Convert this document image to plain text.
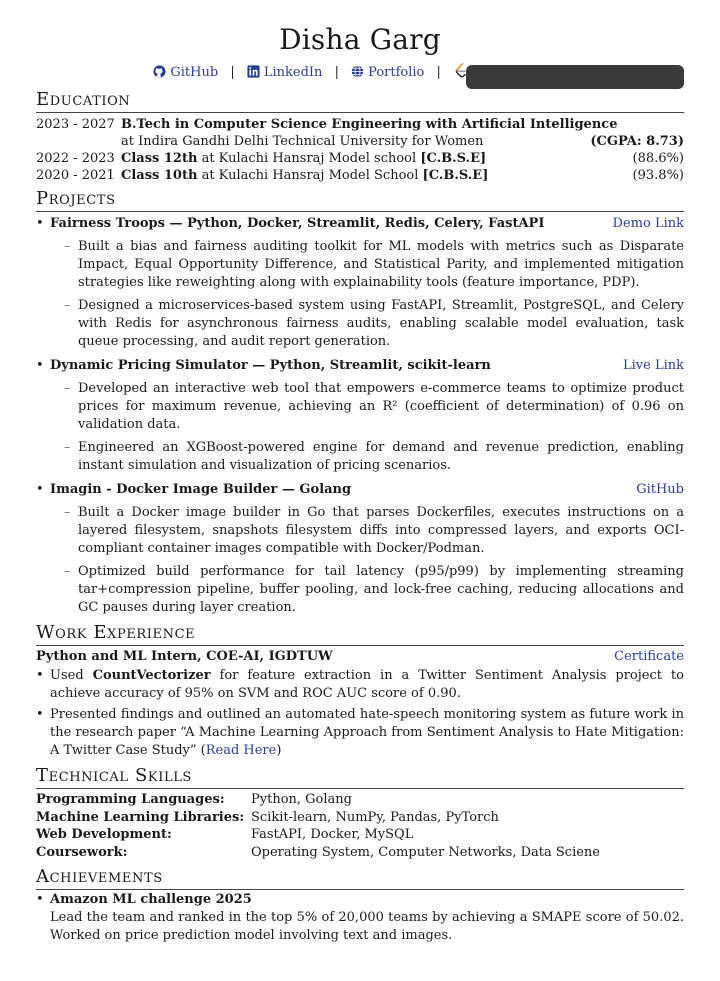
Disha Garg
GitHub | LinkedIn | Portfolio |
Education
2023 - 2027 B.Tech in Computer Science Engineering with Artificial Intelligence
at Indira Gandhi Delhi Technical University for Women	(CGPA: 8.73)
2022 - 2023 Class 12th at Kulachi Hansraj Model school [C.B.S.E]	(88.6%)
2020 - 2021 Class 10th at Kulachi Hansraj Model School [C.B.S.E]	(93.8%)
Projects
• Fairness Troops — Python, Docker, Streamlit, Redis, Celery, FastAPI	Demo Link
– Built a bias and fairness auditing toolkit for ML models with metrics such as Disparate Impact, Equal Opportunity Difference, and Statistical Parity, and implemented mitigation strategies like reweighting along with explainability tools (feature importance, PDP).
– Designed a microservices-based system using FastAPI, Streamlit, PostgreSQL, and Celery with Redis for asynchronous fairness audits, enabling scalable model evaluation, task queue processing, and audit report generation.
• Dynamic Pricing Simulator — Python, Streamlit, scikit-learn	Live Link
– Developed an interactive web tool that empowers e-commerce teams to optimize product prices for maximum revenue, achieving an R² (coefficient of determination) of 0.96 on validation data.
– Engineered an XGBoost-powered engine for demand and revenue prediction, enabling instant simulation and visualization of pricing scenarios.
• Imagin - Docker Image Builder — Golang	GitHub
– Built a Docker image builder in Go that parses Dockerfiles, executes instructions on a layered filesystem, snapshots filesystem diffs into compressed layers, and exports OCI-compliant container images compatible with Docker/Podman.
– Optimized build performance for tail latency (p95/p99) by implementing streaming tar+compression pipeline, buffer pooling, and lock-free caching, reducing allocations and GC pauses during layer creation.
Work Experience
Python and ML Intern, COE-AI, IGDTUW	Certificate
• Used CountVectorizer for feature extraction in a Twitter Sentiment Analysis project to achieve accuracy of 95% on SVM and ROC AUC score of 0.90.
• Presented findings and outlined an automated hate-speech monitoring system as future work in the research paper “A Machine Learning Approach from Sentiment Analysis to Hate Mitigation: A Twitter Case Study” (Read Here)
Technical Skills
Programming Languages:	Python, Golang
Machine Learning Libraries: Scikit-learn, NumPy, Pandas, PyTorch
Web Development:	FastAPI, Docker, MySQL
Coursework:	Operating System, Computer Networks, Data Sciene
Achievements
• Amazon ML challenge 2025
Lead the team and ranked in the top 5% of 20,000 teams by achieving a SMAPE score of 50.02. Worked on price prediction model involving text and images.
